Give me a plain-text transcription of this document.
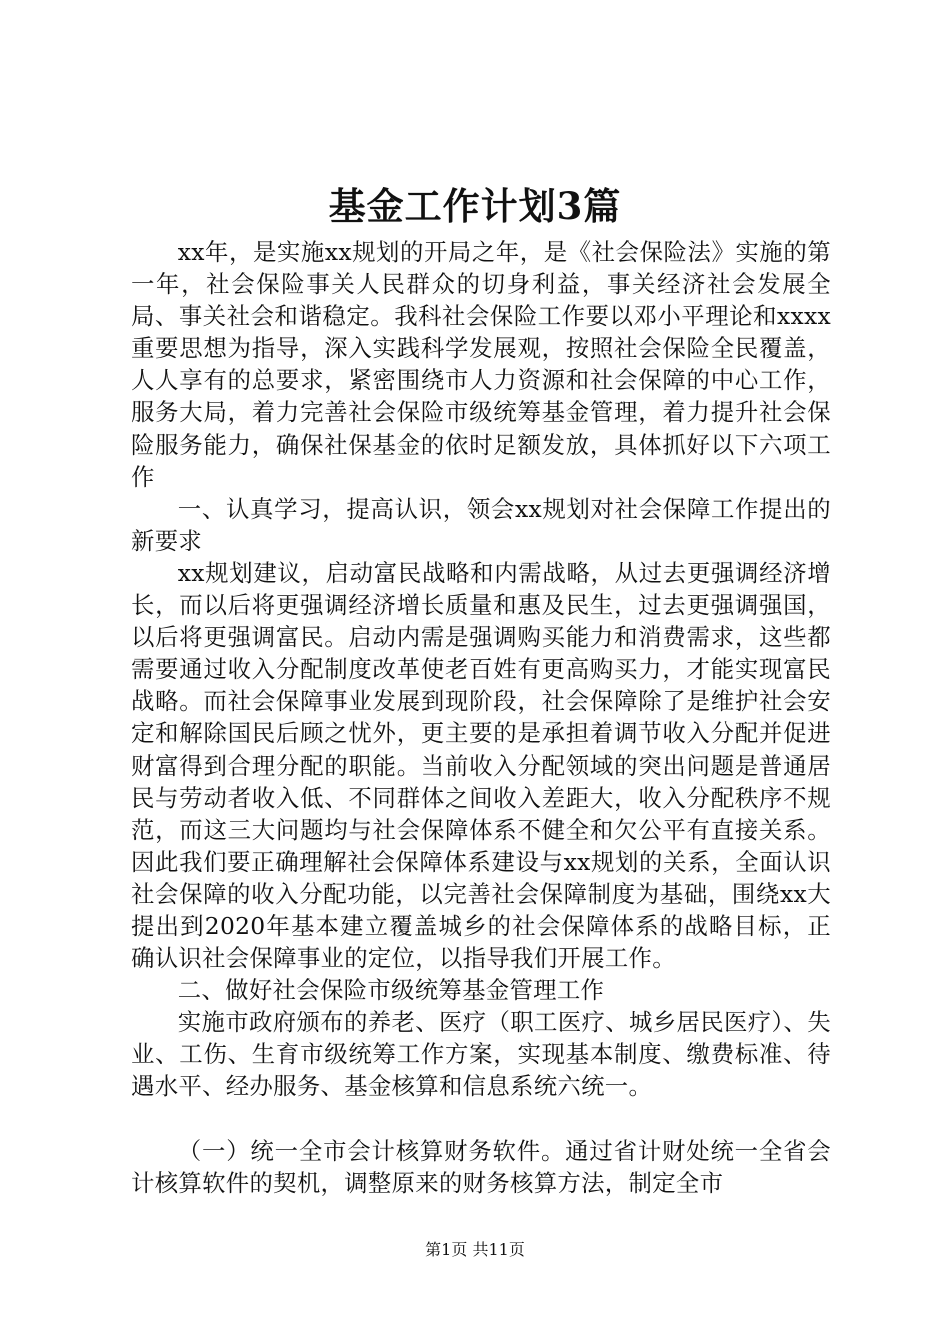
基金工作计划3篇

xx年，是实施xx规划的开局之年，是《社会保险法》实施的第一年，社会保险事关人民群众的切身利益，事关经济社会发展全局、事关社会和谐稳定。我科社会保险工作要以邓小平理论和xxxx重要思想为指导，深入实践科学发展观，按照社会保险全民覆盖，人人享有的总要求，紧密围绕市人力资源和社会保障的中心工作，服务大局，着力完善社会保险市级统筹基金管理，着力提升社会保险服务能力，确保社保基金的依时足额发放，具体抓好以下六项工作

一、认真学习，提高认识，领会xx规划对社会保障工作提出的新要求

xx规划建议，启动富民战略和内需战略，从过去更强调经济增长，而以后将更强调经济增长质量和惠及民生，过去更强调强国，以后将更强调富民。启动内需是强调购买能力和消费需求，这些都需要通过收入分配制度改革使老百姓有更高购买力，才能实现富民战略。而社会保障事业发展到现阶段，社会保障除了是维护社会安定和解除国民后顾之忧外，更主要的是承担着调节收入分配并促进财富得到合理分配的职能。当前收入分配领域的突出问题是普通居民与劳动者收入低、不同群体之间收入差距大，收入分配秩序不规范，而这三大问题均与社会保障体系不健全和欠公平有直接关系。因此我们要正确理解社会保障体系建设与xx规划的关系，全面认识社会保障的收入分配功能，以完善社会保障制度为基础，围绕xx大提出到2020年基本建立覆盖城乡的社会保障体系的战略目标，正确认识社会保障事业的定位，以指导我们开展工作。

二、做好社会保险市级统筹基金管理工作

实施市政府颁布的养老、医疗（职工医疗、城乡居民医疗）、失业、工伤、生育市级统筹工作方案，实现基本制度、缴费标准、待遇水平、经办服务、基金核算和信息系统六统一。

（一）统一全市会计核算财务软件。通过省计财处统一全省会计核算软件的契机，调整原来的财务核算方法，制定全市

第1页 共11页
